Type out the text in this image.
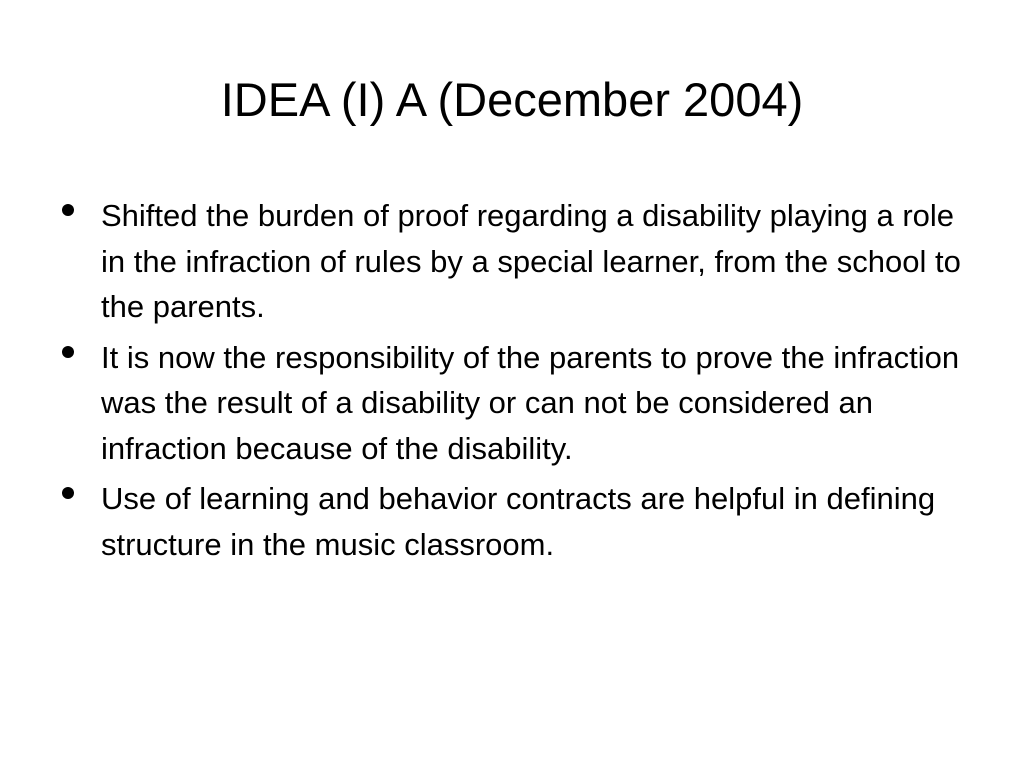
IDEA (I) A (December 2004)
Shifted the burden of proof regarding a disability playing a role in the infraction of rules by a special learner, from the school to the parents.
It is now the responsibility of the parents to prove the infraction was the result of a disability or can not be considered an infraction because of the disability.
Use of learning and behavior contracts are helpful in defining structure in the music classroom.
